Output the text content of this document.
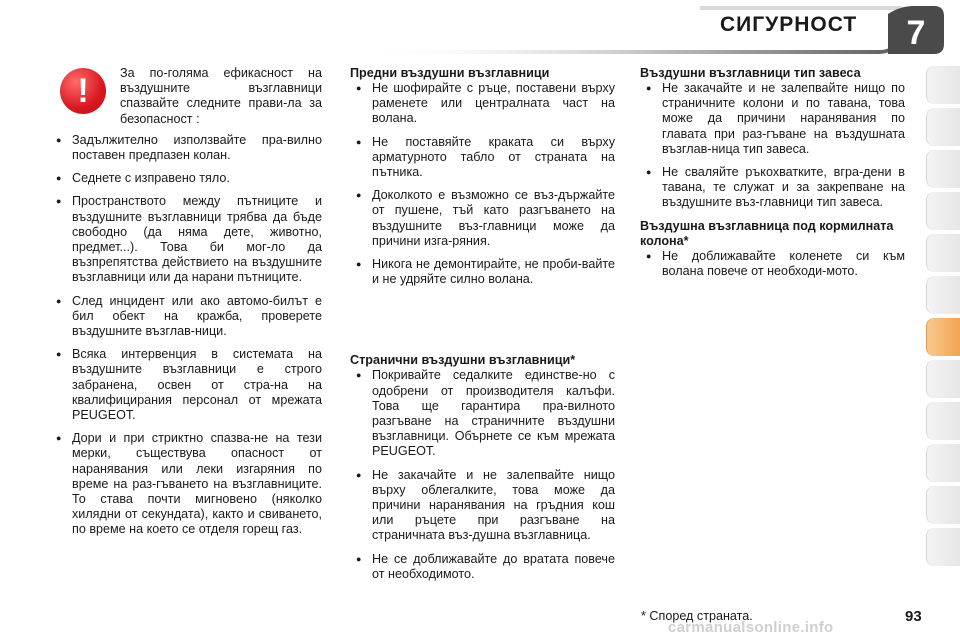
СИГУРНОСТ	7
!	За по-голяма ефикасност на въздушните възглавници спазвайте следните прави-ла за безопасност :

● Задължително използвайте пра-вилно поставен предпазен колан.
● Седнете с изправено тяло.
● Пространството между пътниците и въздушните възглавници трябва да бъде свободно (да няма дете, животно, предмет...). Това би мог-ло да възпрепятства действието на въздушните възглавници или да нарани пътниците.
● След инцидент или ако автомо-билът е бил обект на кражба, проверете въздушните възглав-ници.
● Всяка интервенция в системата на въздушните възглавници е строго забранена, освен от стра-на на квалифицирания персонал от мрежата PEUGEOT.
● Дори и при стриктно спазва-не на тези мерки, съществува опасност от наранявания или леки изгаряния по време на раз-гъването на възглавниците. То става почти мигновено (няколко хилядни от секундата), както и свиването, по време на което се отделя горещ газ.

Предни въздушни възглавници

● Не шофирайте с ръце, поставени върху раменете или централната част на волана.
● Не поставяйте краката си върху арматурното табло от страната на пътника.
● Доколкото е възможно се въз-държайте от пушене, тъй като разгъването на въздушните въз-главници може да причини изга-ряния.
● Никога не демонтирайте, не проби-вайте и не удряйте силно волана.

Странични въздушни възглавници*

● Покривайте седалките единстве-но с одобрени от производителя калъфи. Това ще гарантира пра-вилното разгъване на страничните въздушни възглавници. Обърнете се към мрежата PEUGEOT.
● Не закачайте и не залепвайте нищо върху облегалките, това може да причини наранявания на гръдния кош или ръцете при разгъване на страничната въз-душна възглавница.
● Не се доближавайте до вратата повече от необходимото.

Въздушни възглавници тип завеса

● Не закачайте и не залепвайте нищо по страничните колони и по тавана, това може да причини наранявания по главата при раз-гъване на въздушната възглав-ница тип завеса.
● Не сваляйте ръкохватките, вгра-дени в тавана, те служат и за закрепване на въздушните въз-главници тип завеса.

Въздушна възглавница под кормилната колона*

● Не доближавайте коленете си към волана повече от необходи-мото.
* Според страната.	93
carmanualsonline.info
